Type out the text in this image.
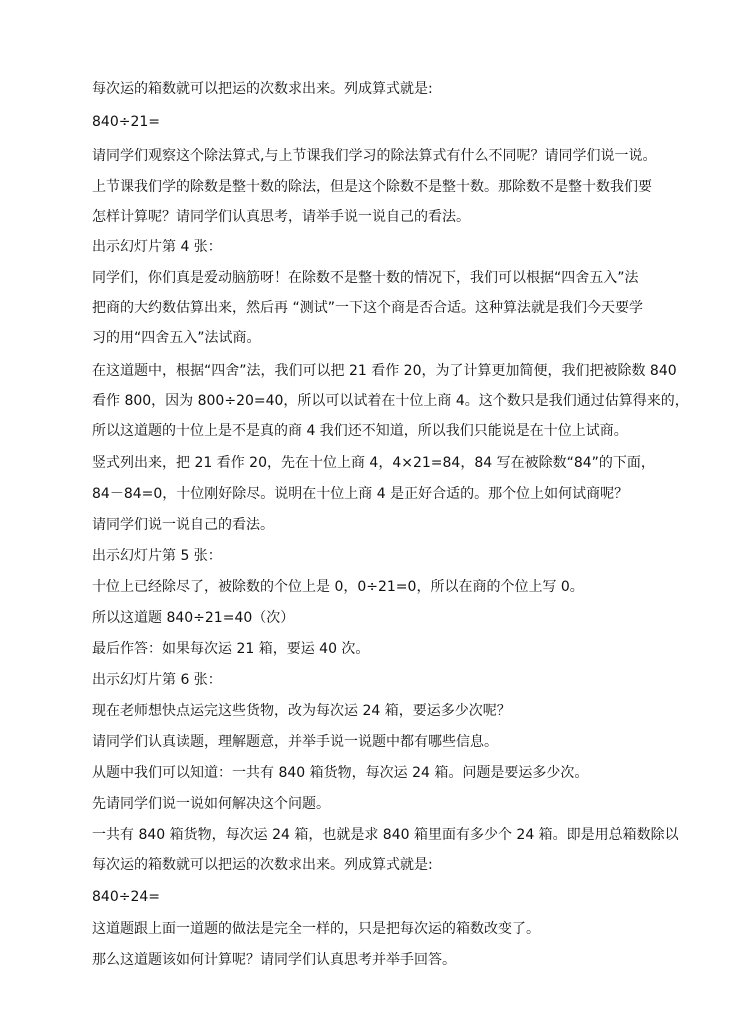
每次运的箱数就可以把运的次数求出来。列成算式就是:

840÷21=

请同学们观察这个除法算式,与上节课我们学习的除法算式有什么不同呢？请同学们说一说。

上节课我们学的除数是整十数的除法，但是这个除数不是整十数。那除数不是整十数我们要

怎样计算呢？请同学们认真思考，请举手说一说自己的看法。

出示幻灯片第 4 张：

同学们，你们真是爱动脑筋呀！在除数不是整十数的情况下，我们可以根据“四舍五入”法

把商的大约数估算出来，然后再 “测试”一下这个商是否合适。这种算法就是我们今天要学

习的用“四舍五入”法试商。

在这道题中，根据“四舍”法，我们可以把 21 看作 20，为了计算更加简便，我们把被除数 840

看作 800，因为 800÷20=40，所以可以试着在十位上商 4。这个数只是我们通过估算得来的，

所以这道题的十位上是不是真的商 4 我们还不知道，所以我们只能说是在十位上试商。

竖式列出来，把 21 看作 20，先在十位上商 4，4×21=84，84 写在被除数“84”的下面，

84－84=0，十位刚好除尽。说明在十位上商 4 是正好合适的。那个位上如何试商呢？

请同学们说一说自己的看法。

出示幻灯片第 5 张：

十位上已经除尽了，被除数的个位上是 0，0÷21=0，所以在商的个位上写 0。

所以这道题 840÷21=40（次）

最后作答：如果每次运 21 箱，要运 40 次。

出示幻灯片第 6 张：

现在老师想快点运完这些货物，改为每次运 24 箱，要运多少次呢？

请同学们认真读题，理解题意，并举手说一说题中都有哪些信息。

从题中我们可以知道：一共有 840 箱货物，每次运 24 箱。问题是要运多少次。

先请同学们说一说如何解决这个问题。

一共有 840 箱货物，每次运 24 箱，也就是求 840 箱里面有多少个 24 箱。即是用总箱数除以

每次运的箱数就可以把运的次数求出来。列成算式就是:

840÷24=

这道题跟上面一道题的做法是完全一样的，只是把每次运的箱数改变了。

那么这道题该如何计算呢？请同学们认真思考并举手回答。
